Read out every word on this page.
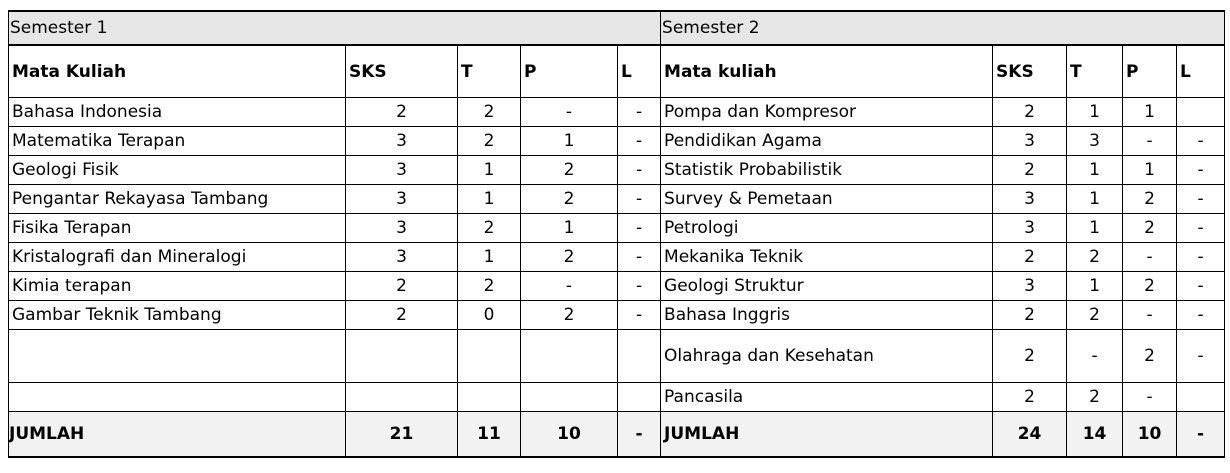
Semester 1					Semester 2				
Mata Kuliah	SKS	T	P	L	Mata kuliah	SKS	T	P	L
Bahasa Indonesia	2	2	-	-	Pompa dan Kompresor	2	1	1	
Matematika Terapan	3	2	1	-	Pendidikan Agama	3	3	-	-
Geologi Fisik	3	1	2	-	Statistik Probabilistik	2	1	1	-
Pengantar Rekayasa Tambang	3	1	2	-	Survey & Pemetaan	3	1	2	-
Fisika Terapan	3	2	1	-	Petrologi	3	1	2	-
Kristalografi dan Mineralogi	3	1	2	-	Mekanika Teknik	2	2	-	-
Kimia terapan	2	2	-	-	Geologi Struktur	3	1	2	-
Gambar Teknik Tambang	2	0	2	-	Bahasa Inggris	2	2	-	-
					Olahraga dan Kesehatan	2	-	2	-
					Pancasila	2	2	-	
JUMLAH	21	11	10	-	JUMLAH	24	14	10	-
